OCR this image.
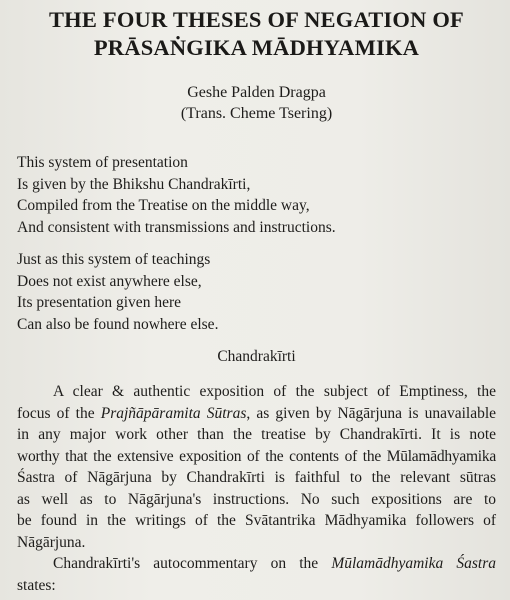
THE FOUR THESES OF NEGATION OF
PRĀSAṄGIKA MĀDHYAMIKA
Geshe Palden Dragpa
(Trans. Cheme Tsering)
This system of presentation
Is given by the Bhikshu Chandrakīrti,
Compiled from the Treatise on the middle way,
And consistent with transmissions and instructions.
Just as this system of teachings
Does not exist anywhere else,
Its presentation given here
Can also be found nowhere else.
Chandrakīrti

A clear & authentic exposition of the subject of Emptiness, the
focus of the Prajñāpāramita Sūtras, as given by Nāgārjuna is unavailable
in any major work other than the treatise by Chandrakīrti. It is note
worthy that the extensive exposition of the contents of the Mūlamādhyamika
Śastra of Nāgārjuna by Chandrakīrti is faithful to the relevant sūtras
as well as to Nāgārjuna's instructions. No such expositions are to
be found in the writings of the Svātantrika Mādhyamika followers of
Nāgārjuna.

Chandrakīrti's autocommentary on the Mūlamādhyamika Śastra
states:
